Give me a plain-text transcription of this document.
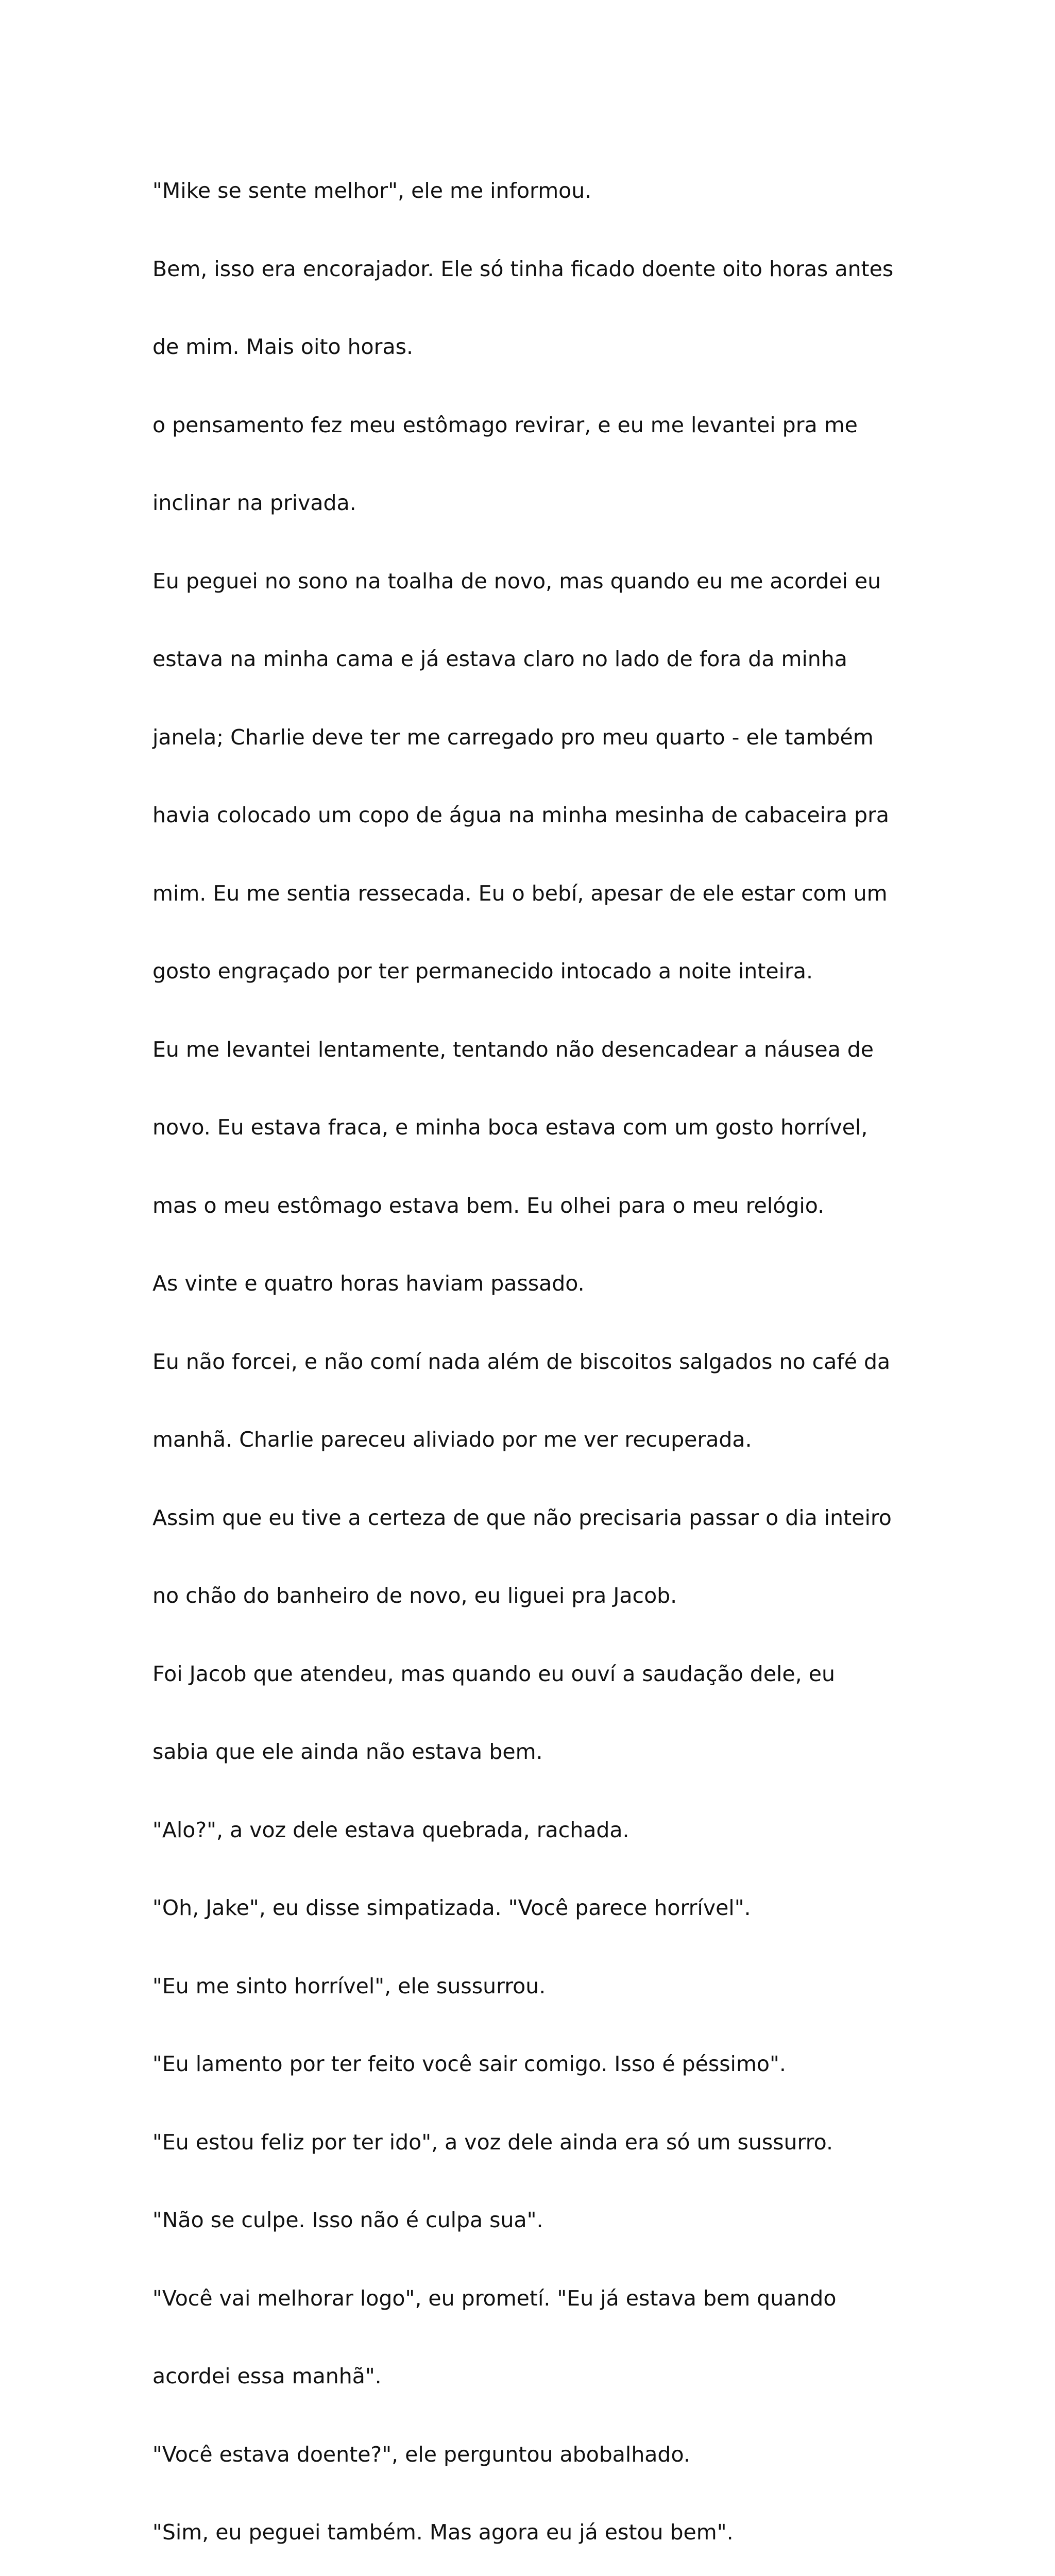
"Mike se sente melhor", ele me informou.

Bem, isso era encorajador. Ele só tinha ficado doente oito horas antes

de mim. Mais oito horas.

o pensamento fez meu estômago revirar, e eu me levantei pra me

inclinar na privada.

Eu peguei no sono na toalha de novo, mas quando eu me acordei eu

estava na minha cama e já estava claro no lado de fora da minha

janela; Charlie deve ter me carregado pro meu quarto - ele também

havia colocado um copo de água na minha mesinha de cabaceira pra

mim. Eu me sentia ressecada. Eu o bebí, apesar de ele estar com um

gosto engraçado por ter permanecido intocado a noite inteira.

Eu me levantei lentamente, tentando não desencadear a náusea de

novo. Eu estava fraca, e minha boca estava com um gosto horrível,

mas o meu estômago estava bem. Eu olhei para o meu relógio.

As vinte e quatro horas haviam passado.

Eu não forcei, e não comí nada além de biscoitos salgados no café da

manhã. Charlie pareceu aliviado por me ver recuperada.

Assim que eu tive a certeza de que não precisaria passar o dia inteiro

no chão do banheiro de novo, eu liguei pra Jacob.

Foi Jacob que atendeu, mas quando eu ouví a saudação dele, eu

sabia que ele ainda não estava bem.

"Alo?", a voz dele estava quebrada, rachada.

"Oh, Jake", eu disse simpatizada. "Você parece horrível".

"Eu me sinto horrível", ele sussurrou.

"Eu lamento por ter feito você sair comigo. Isso é péssimo".

"Eu estou feliz por ter ido", a voz dele ainda era só um sussurro.

"Não se culpe. Isso não é culpa sua".

"Você vai melhorar logo", eu prometí. "Eu já estava bem quando

acordei essa manhã".

"Você estava doente?", ele perguntou abobalhado.

"Sim, eu peguei também. Mas agora eu já estou bem".
